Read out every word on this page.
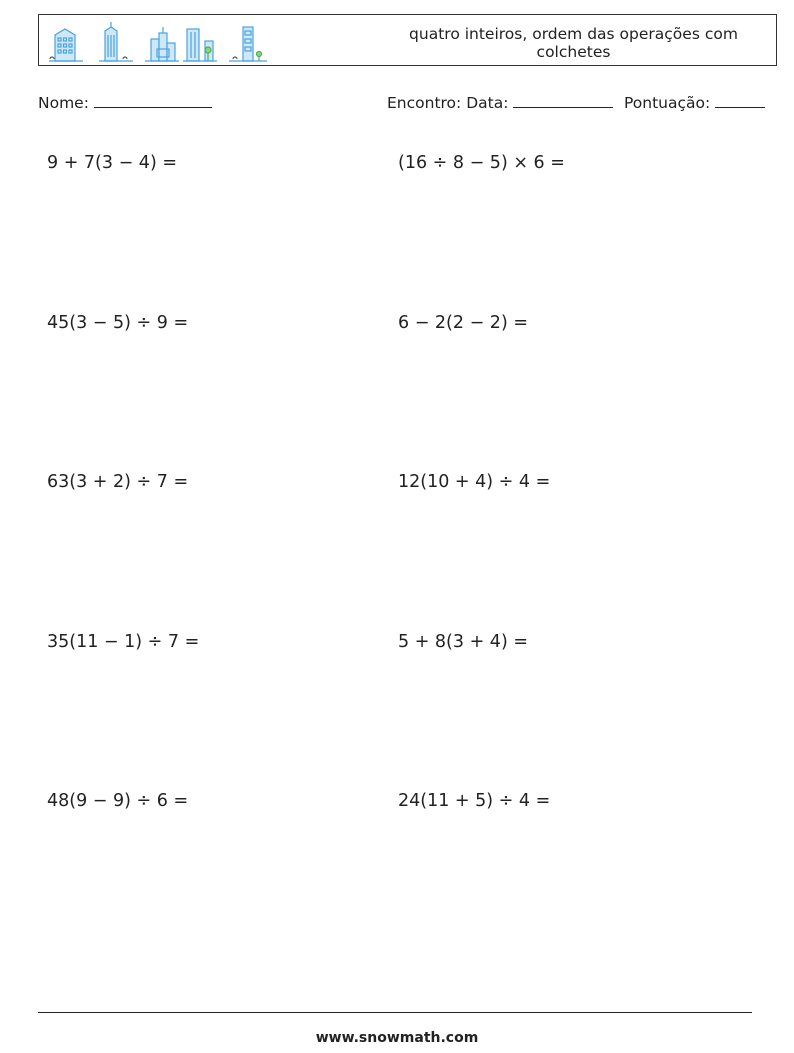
quatro inteiros, ordem das operações com colchetes
Nome:	Encontro: Data:	Pontuação:
9 + 7(3 − 4) =	(16 ÷ 8 − 5) × 6 =
45(3 − 5) ÷ 9 =	6 − 2(2 − 2) =
63(3 + 2) ÷ 7 =	12(10 + 4) ÷ 4 =
35(11 − 1) ÷ 7 =	5 + 8(3 + 4) =
48(9 − 9) ÷ 6 =	24(11 + 5) ÷ 4 =
www.snowmath.com
